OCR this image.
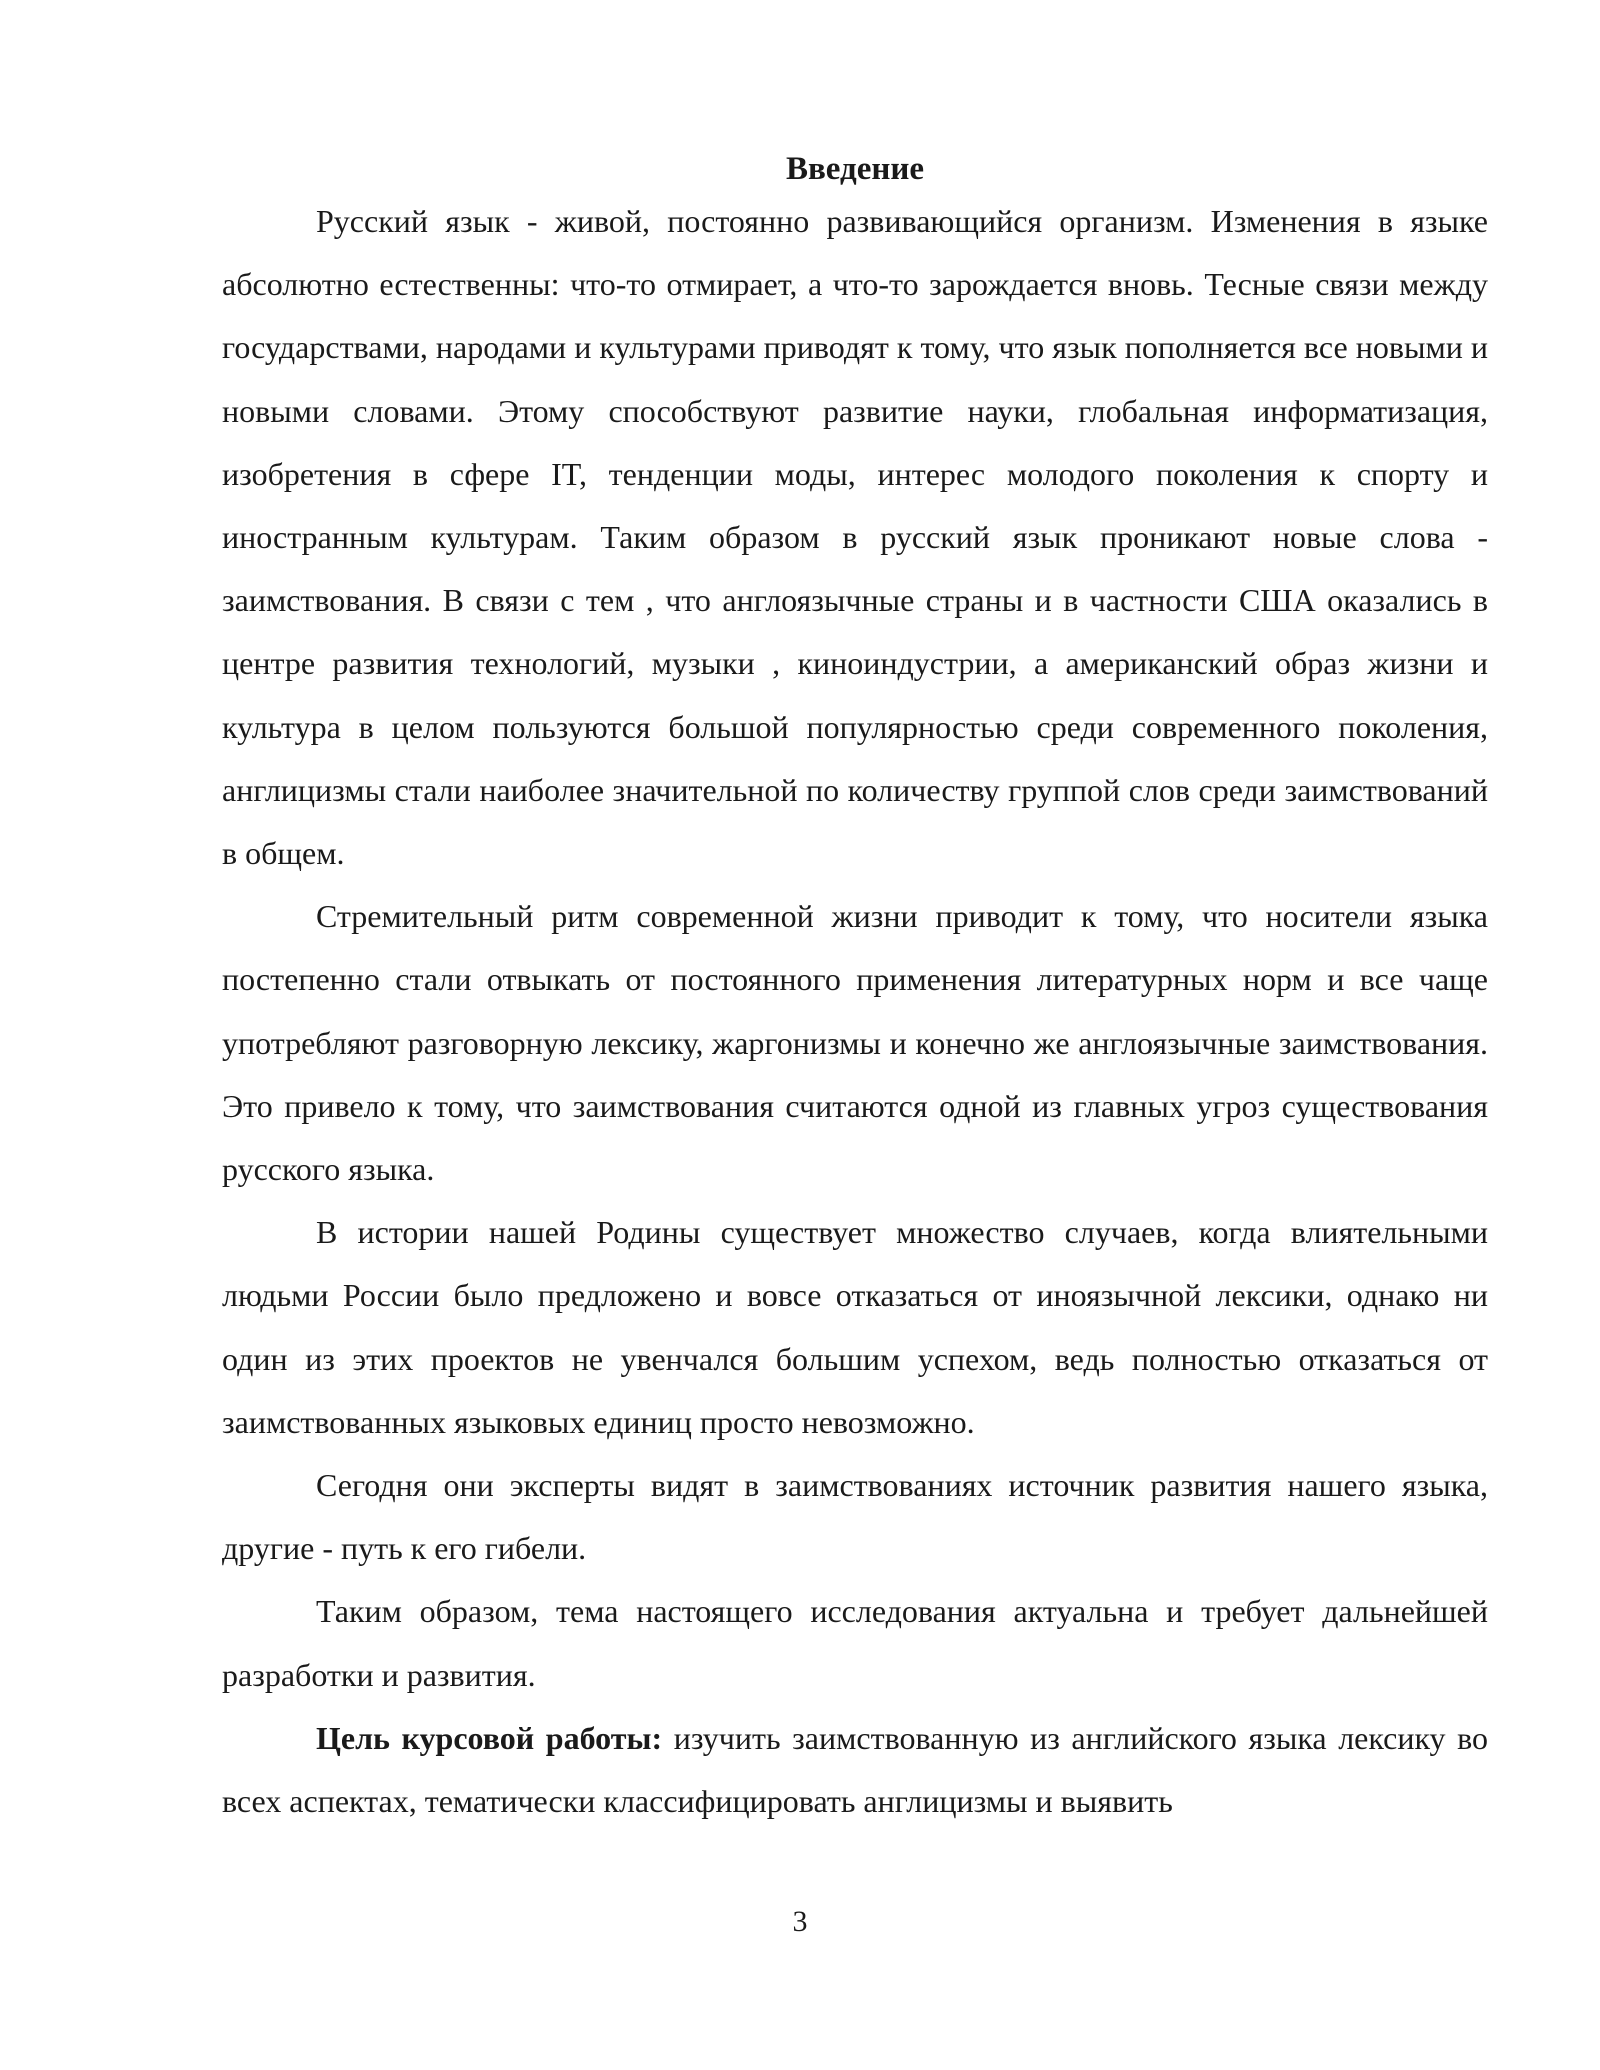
Введение

Русский язык - живой, постоянно развивающийся организм. Изменения в языке абсолютно естественны: что-то отмирает, а что-то зарождается вновь. Тесные связи между государствами, народами и культурами приводят к тому, что язык пополняется все новыми и новыми словами. Этому способствуют развитие науки, глобальная информатизация, изобретения в сфере IT, тенденции моды, интерес молодого поколения к спорту и иностранным культурам. Таким образом в русский язык проникают новые слова - заимствования. В связи с тем , что англоязычные страны и в частности США оказались в центре развития технологий, музыки , киноиндустрии, а американский образ жизни и культура в целом пользуются большой популярностью среди современного поколения, англицизмы стали наиболее значительной по количеству группой слов среди заимствований в общем.

Стремительный ритм современной жизни приводит к тому, что носители языка постепенно стали отвыкать от постоянного применения литературных норм и все чаще употребляют разговорную лексику, жаргонизмы и конечно же англоязычные заимствования. Это привело к тому, что заимствования считаются одной из главных угроз существования русского языка.

В истории нашей Родины существует множество случаев, когда влиятельными людьми России было предложено и вовсе отказаться от иноязычной лексики, однако ни один из этих проектов не увенчался большим успехом, ведь полностью отказаться от заимствованных языковых единиц просто невозможно.

Сегодня они эксперты видят в заимствованиях источник развития нашего языка, другие - путь к его гибели.

Таким образом, тема настоящего исследования актуальна и требует дальнейшей разработки и развития.

Цель курсовой работы: изучить заимствованную из английского языка лексику во всех аспектах, тематически классифицировать англицизмы и выявить

3
